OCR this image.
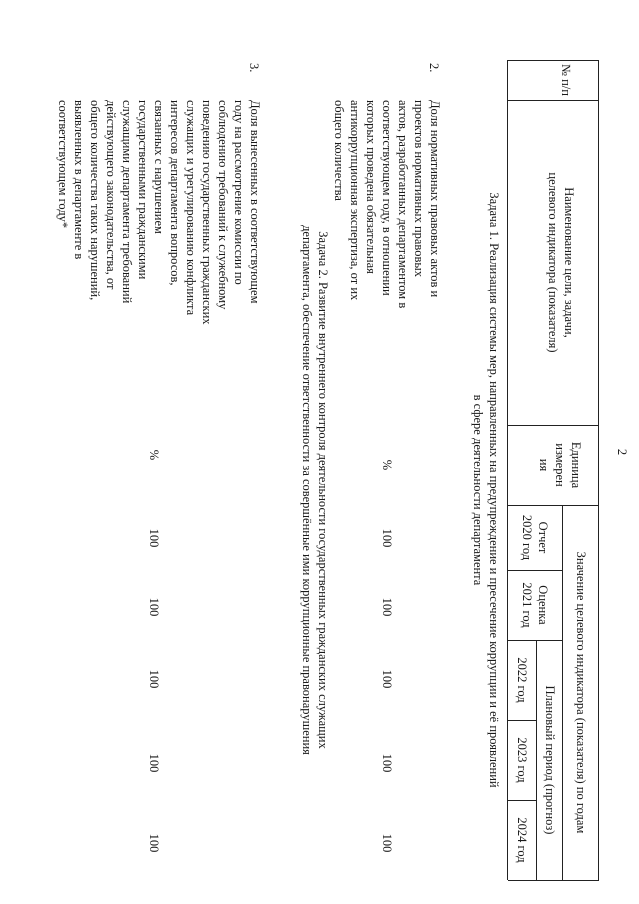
2
№ п/п
Наименование цели, задачи,
целевого индикатора (показателя)
Единица
измерен
ия
Значение целевого индикатора (показателя) по годам
Отчет
2020 год
Оценка
2021 год
Плановый период (прогноз)
2022 год
2023 год
2024 год
Задача 1. Реализация системы мер, направленных на предупреждение и пресечение коррупции и её проявлений
в сфере деятельности департамента
2.
Доля нормативных правовых актов и
проектов нормативных правовых
актов, разработанных департаментом в
соответствующем году, в отношении
которых проведена обязательная
антикоррупционная экспертиза, от их
общего количества
%
100
100
100
100
100
Задача 2. Развитие внутреннего контроля деятельности государственных гражданских служащих
департамента, обеспечение ответственности за совершённые ими коррупционные правонарушения
3.
Доля вынесенных в соответствующем
году на рассмотрение комиссии по
соблюдению требований к служебному
поведению государственных гражданских
служащих и урегулированию конфликта
интересов департамента вопросов,
связанных с нарушением
государственными гражданскими
служащими департамента требований
действующего законодательства, от
общего количества таких нарушений,
выявленных в департаменте в
соответствующем году*
%
100
100
100
100
100
